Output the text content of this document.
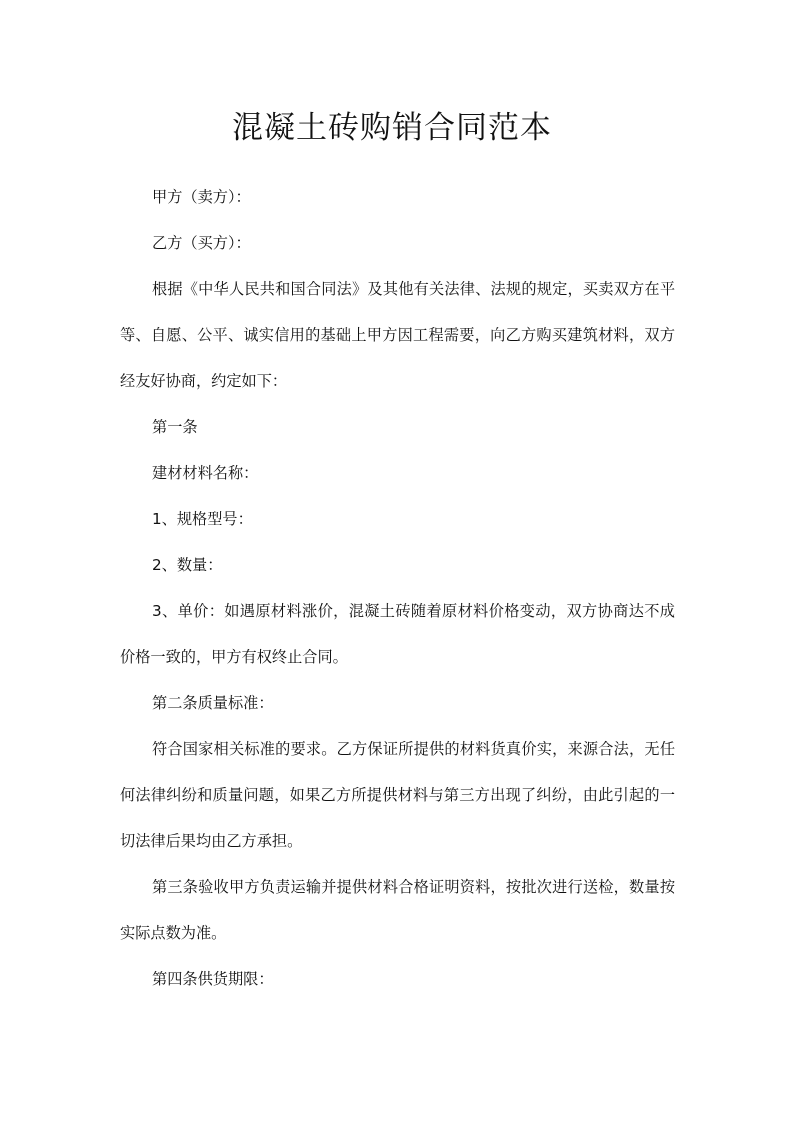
混凝土砖购销合同范本

甲方（卖方）：

乙方（买方）：

根据《中华人民共和国合同法》及其他有关法律、法规的规定，买卖双方在平等、自愿、公平、诚实信用的基础上甲方因工程需要，向乙方购买建筑材料，双方经友好协商，约定如下：

第一条

建材材料名称：

1、规格型号：

2、数量：

3、单价：如遇原材料涨价，混凝土砖随着原材料价格变动，双方协商达不成价格一致的，甲方有权终止合同。

第二条质量标准：

符合国家相关标准的要求。乙方保证所提供的材料货真价实，来源合法，无任何法律纠纷和质量问题，如果乙方所提供材料与第三方出现了纠纷，由此引起的一切法律后果均由乙方承担。

第三条验收甲方负责运输并提供材料合格证明资料，按批次进行送检，数量按实际点数为准。

第四条供货期限：
